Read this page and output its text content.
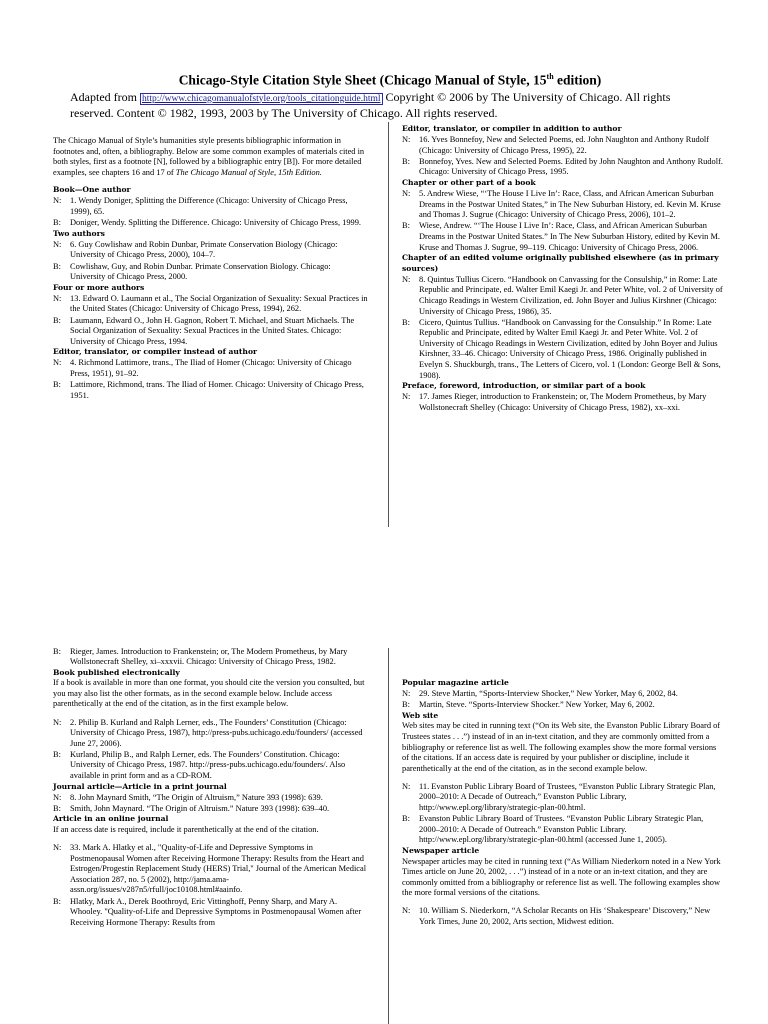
Chicago-Style Citation Style Sheet (Chicago Manual of Style, 15th edition)
Adapted from http://www.chicagomanualofstyle.org/tools_citationguide.html Copyright © 2006 by The University of Chicago. All rights reserved. Content © 1982, 1993, 2003 by The University of Chicago. All rights reserved.

The Chicago Manual of Style’s humanities style presents bibliographic information in footnotes and, often, a bibliography. Below are some common examples of materials cited in both styles, first as a footnote [N], followed by a bibliographic entry [B]). For more detailed examples, see chapters 16 and 17 of The Chicago Manual of Style, 15th Edition.

Book—One author

N:	1. Wendy Doniger, Splitting the Difference (Chicago: University of Chicago Press, 1999), 65.
B:	Doniger, Wendy. Splitting the Difference. Chicago: University of Chicago Press, 1999.

Two authors

N:	6. Guy Cowlishaw and Robin Dunbar, Primate Conservation Biology (Chicago: University of Chicago Press, 2000), 104–7.
B:	Cowlishaw, Guy, and Robin Dunbar. Primate Conservation Biology. Chicago: University of Chicago Press, 2000.

Four or more authors

N:	13. Edward O. Laumann et al., The Social Organization of Sexuality: Sexual Practices in the United States (Chicago: University of Chicago Press, 1994), 262.
B:	Laumann, Edward O., John H. Gagnon, Robert T. Michael, and Stuart Michaels. The Social Organization of Sexuality: Sexual Practices in the United States. Chicago: University of Chicago Press, 1994.

Editor, translator, or compiler instead of author

N:	4. Richmond Lattimore, trans., The Iliad of Homer (Chicago: University of Chicago Press, 1951), 91–92.
B:	Lattimore, Richmond, trans. The Iliad of Homer. Chicago: University of Chicago Press, 1951.

Editor, translator, or compiler in addition to author

N:	16. Yves Bonnefoy, New and Selected Poems, ed. John Naughton and Anthony Rudolf (Chicago: University of Chicago Press, 1995), 22.
B:	Bonnefoy, Yves. New and Selected Poems. Edited by John Naughton and Anthony Rudolf. Chicago: University of Chicago Press, 1995.

Chapter or other part of a book

N:	5. Andrew Wiese, “‘The House I Live In’: Race, Class, and African American Suburban Dreams in the Postwar United States,” in The New Suburban History, ed. Kevin M. Kruse and Thomas J. Sugrue (Chicago: University of Chicago Press, 2006), 101–2.
B:	Wiese, Andrew. “‘The House I Live In’: Race, Class, and African American Suburban Dreams in the Postwar United States.” In The New Suburban History, edited by Kevin M. Kruse and Thomas J. Sugrue, 99–119. Chicago: University of Chicago Press, 2006.

Chapter of an edited volume originally published elsewhere (as in primary sources)

N:	8. Quintus Tullius Cicero. “Handbook on Canvassing for the Consulship,” in Rome: Late Republic and Principate, ed. Walter Emil Kaegi Jr. and Peter White, vol. 2 of University of Chicago Readings in Western Civilization, ed. John Boyer and Julius Kirshner (Chicago: University of Chicago Press, 1986), 35.
B:	Cicero, Quintus Tullius. “Handbook on Canvassing for the Consulship.” In Rome: Late Republic and Principate, edited by Walter Emil Kaegi Jr. and Peter White. Vol. 2 of University of Chicago Readings in Western Civilization, edited by John Boyer and Julius Kirshner, 33–46. Chicago: University of Chicago Press, 1986. Originally published in Evelyn S. Shuckburgh, trans., The Letters of Cicero, vol. 1 (London: George Bell & Sons, 1908).

Preface, foreword, introduction, or similar part of a book

N:	17. James Rieger, introduction to Frankenstein; or, The Modern Prometheus, by Mary Wollstonecraft Shelley (Chicago: University of Chicago Press, 1982), xx–xxi.
B:	Rieger, James. Introduction to Frankenstein; or, The Modern Prometheus, by Mary Wollstonecraft Shelley, xi–xxxvii. Chicago: University of Chicago Press, 1982.

Book published electronically

If a book is available in more than one format, you should cite the version you consulted, but you may also list the other formats, as in the second example below. Include access parenthetically at the end of the citation, as in the first example below.

N:	2. Philip B. Kurland and Ralph Lerner, eds., The Founders’ Constitution (Chicago: University of Chicago Press, 1987), http://press-pubs.uchicago.edu/founders/ (accessed June 27, 2006).
B:	Kurland, Philip B., and Ralph Lerner, eds. The Founders’ Constitution. Chicago: University of Chicago Press, 1987. http://press-pubs.uchicago.edu/founders/. Also available in print form and as a CD-ROM.

Journal article—Article in a print journal

N:	8. John Maynard Smith, “The Origin of Altruism,” Nature 393 (1998): 639.
B:	Smith, John Maynard. “The Origin of Altruism.” Nature 393 (1998): 639–40.

Article in an online journal

If an access date is required, include it parenthetically at the end of the citation.

N:	33. Mark A. Hlatky et al., "Quality-of-Life and Depressive Symptoms in Postmenopausal Women after Receiving Hormone Therapy: Results from the Heart and Estrogen/Progestin Replacement Study (HERS) Trial," Journal of the American Medical Association 287, no. 5 (2002), http://jama.ama-assn.org/issues/v287n5/rfull/joc10108.html#aainfo.
B:	Hlatky, Mark A., Derek Boothroyd, Eric Vittinghoff, Penny Sharp, and Mary A. Whooley. "Quality-of-Life and Depressive Symptoms in Postmenopausal Women after Receiving Hormone Therapy: Results from

Popular magazine article

N:	29. Steve Martin, “Sports-Interview Shocker,” New Yorker, May 6, 2002, 84.
B:	Martin, Steve. “Sports-Interview Shocker.” New Yorker, May 6, 2002.

Web site

Web sites may be cited in running text (“On its Web site, the Evanston Public Library Board of Trustees states . . .”) instead of in an in-text citation, and they are commonly omitted from a bibliography or reference list as well. The following examples show the more formal versions of the citations. If an access date is required by your publisher or discipline, include it parenthetically at the end of the citation, as in the second example below.

N:	11. Evanston Public Library Board of Trustees, “Evanston Public Library Strategic Plan, 2000–2010: A Decade of Outreach,” Evanston Public Library, http://www.epl.org/library/strategic-plan-00.html.
B:	Evanston Public Library Board of Trustees. “Evanston Public Library Strategic Plan, 2000–2010: A Decade of Outreach.” Evanston Public Library. http://www.epl.org/library/strategic-plan-00.html (accessed June 1, 2005).

Newspaper article

Newspaper articles may be cited in running text (“As William Niederkorn noted in a New York Times article on June 20, 2002, . . .”) instead of in a note or an in-text citation, and they are commonly omitted from a bibliography or reference list as well. The following examples show the more formal versions of the citations.

N:	10. William S. Niederkorn, “A Scholar Recants on His ‘Shakespeare’ Discovery,” New York Times, June 20, 2002, Arts section, Midwest edition.
